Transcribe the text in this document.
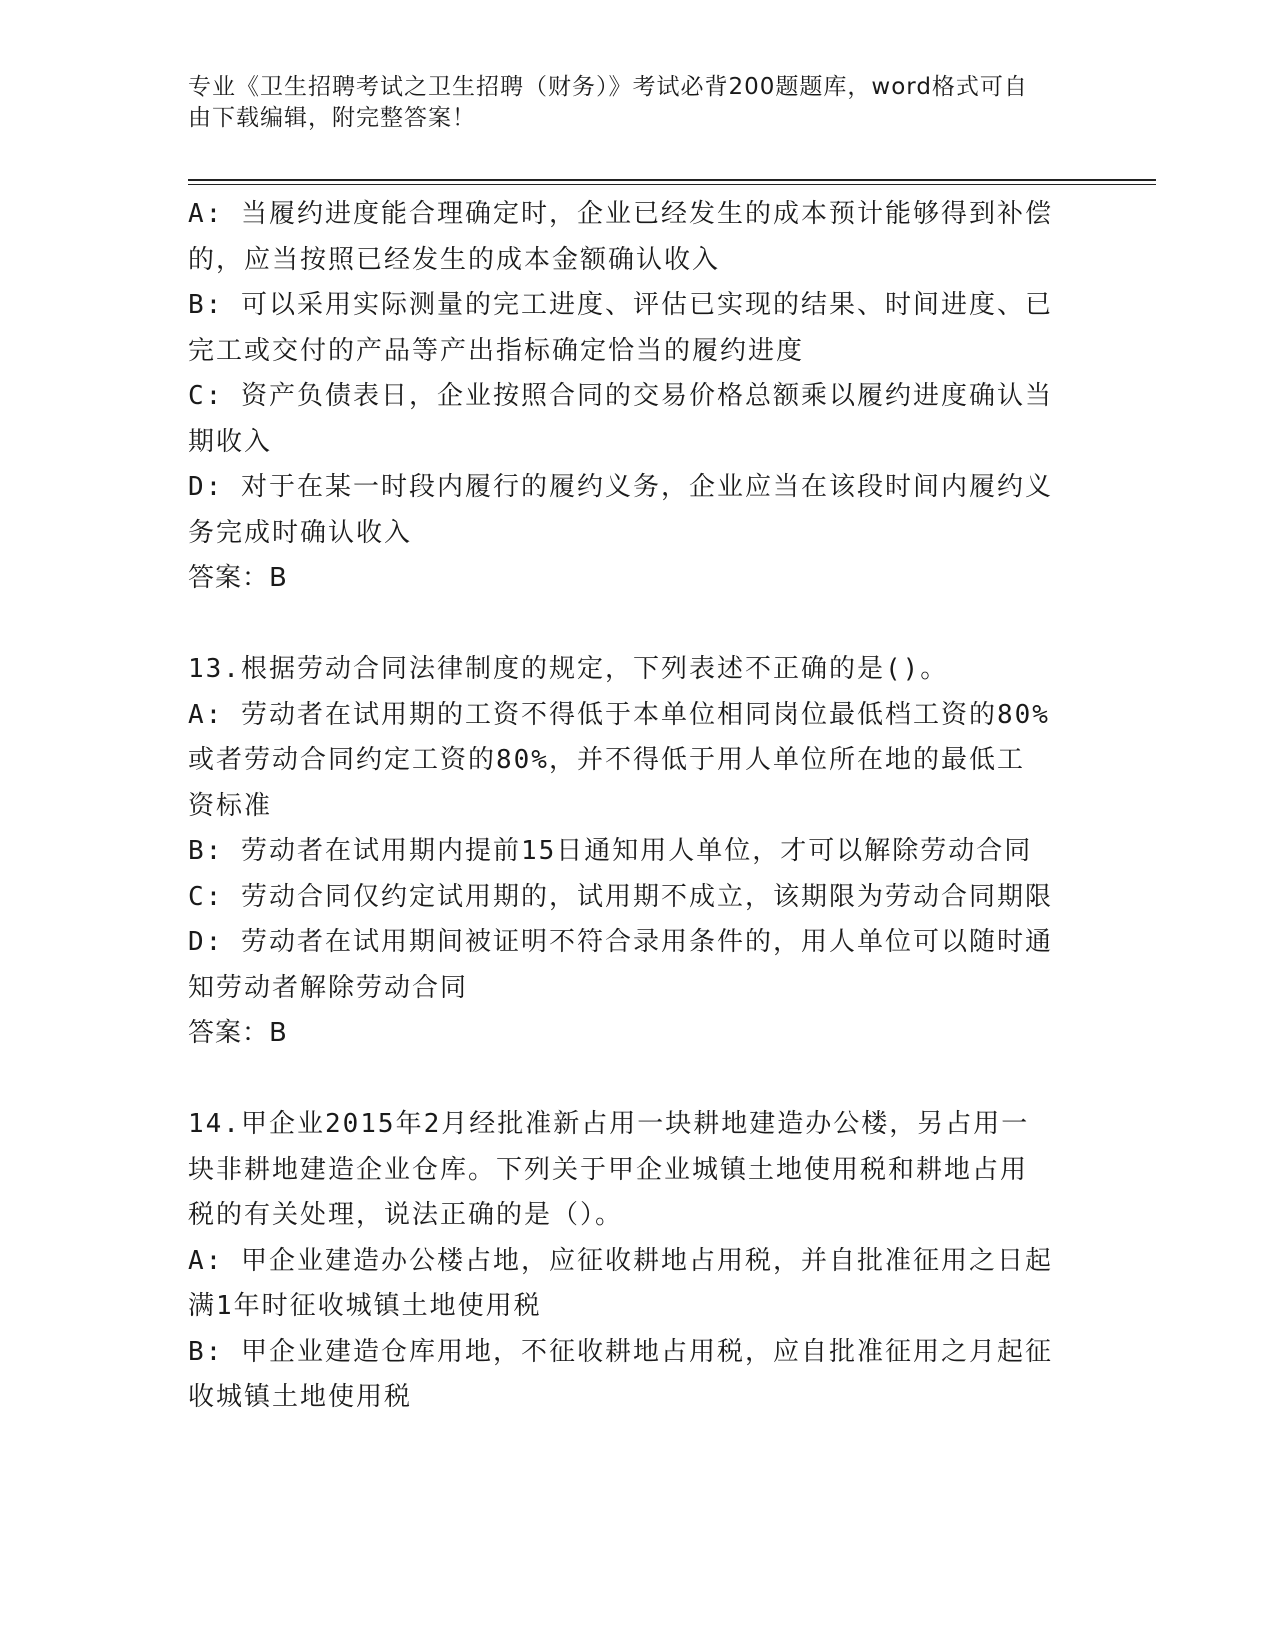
专业《卫生招聘考试之卫生招聘（财务）》考试必背200题题库，word格式可自
由下载编辑，附完整答案！
A: 当履约进度能合理确定时，企业已经发生的成本预计能够得到补偿
的，应当按照已经发生的成本金额确认收入
B: 可以采用实际测量的完工进度、评估已实现的结果、时间进度、已
完工或交付的产品等产出指标确定恰当的履约进度
C: 资产负债表日，企业按照合同的交易价格总额乘以履约进度确认当
期收入
D: 对于在某一时段内履行的履约义务，企业应当在该段时间内履约义
务完成时确认收入
答案：B
13.根据劳动合同法律制度的规定，下列表述不正确的是()。
A: 劳动者在试用期的工资不得低于本单位相同岗位最低档工资的80%
或者劳动合同约定工资的80%，并不得低于用人单位所在地的最低工
资标准
B: 劳动者在试用期内提前15日通知用人单位，才可以解除劳动合同
C: 劳动合同仅约定试用期的，试用期不成立，该期限为劳动合同期限
D: 劳动者在试用期间被证明不符合录用条件的，用人单位可以随时通
知劳动者解除劳动合同
答案：B
14.甲企业2015年2月经批准新占用一块耕地建造办公楼，另占用一
块非耕地建造企业仓库。下列关于甲企业城镇土地使用税和耕地占用
税的有关处理，说法正确的是（）。
A: 甲企业建造办公楼占地，应征收耕地占用税，并自批准征用之日起
满1年时征收城镇土地使用税
B: 甲企业建造仓库用地，不征收耕地占用税，应自批准征用之月起征
收城镇土地使用税
